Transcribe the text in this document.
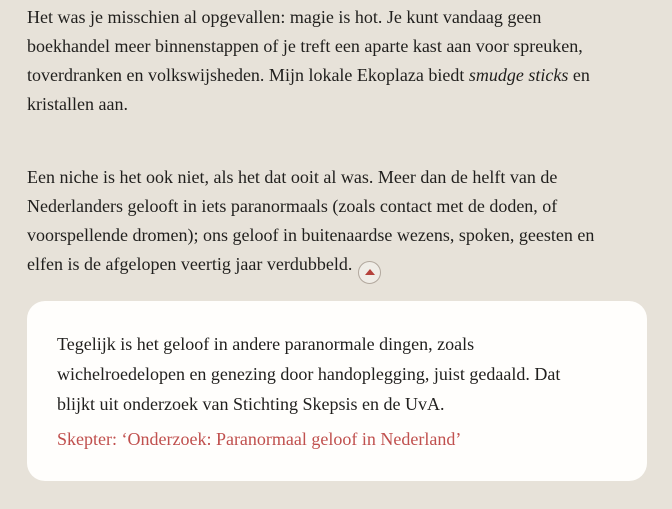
Het was je misschien al opgevallen: magie is hot. Je kunt vandaag geen
boekhandel meer binnenstappen of je treft een aparte kast aan voor spreuken,
toverdranken en volkswijsheden. Mijn lokale Ekoplaza biedt smudge sticks en
kristallen aan.

Een niche is het ook niet, als het dat ooit al was. Meer dan de helft van de
Nederlanders gelooft in iets paranormaals (zoals contact met de doden, of
voorspellende dromen); ons geloof in buitenaardse wezens, spoken, geesten en
elfen is de afgelopen veertig jaar verdubbeld.

Tegelijk is het geloof in andere paranormale dingen, zoals
wichelroedelopen en genezing door handoplegging, juist gedaald. Dat
blijkt uit onderzoek van Stichting Skepsis en de UvA.

Skepter: ‘Onderzoek: Paranormaal geloof in Nederland’
